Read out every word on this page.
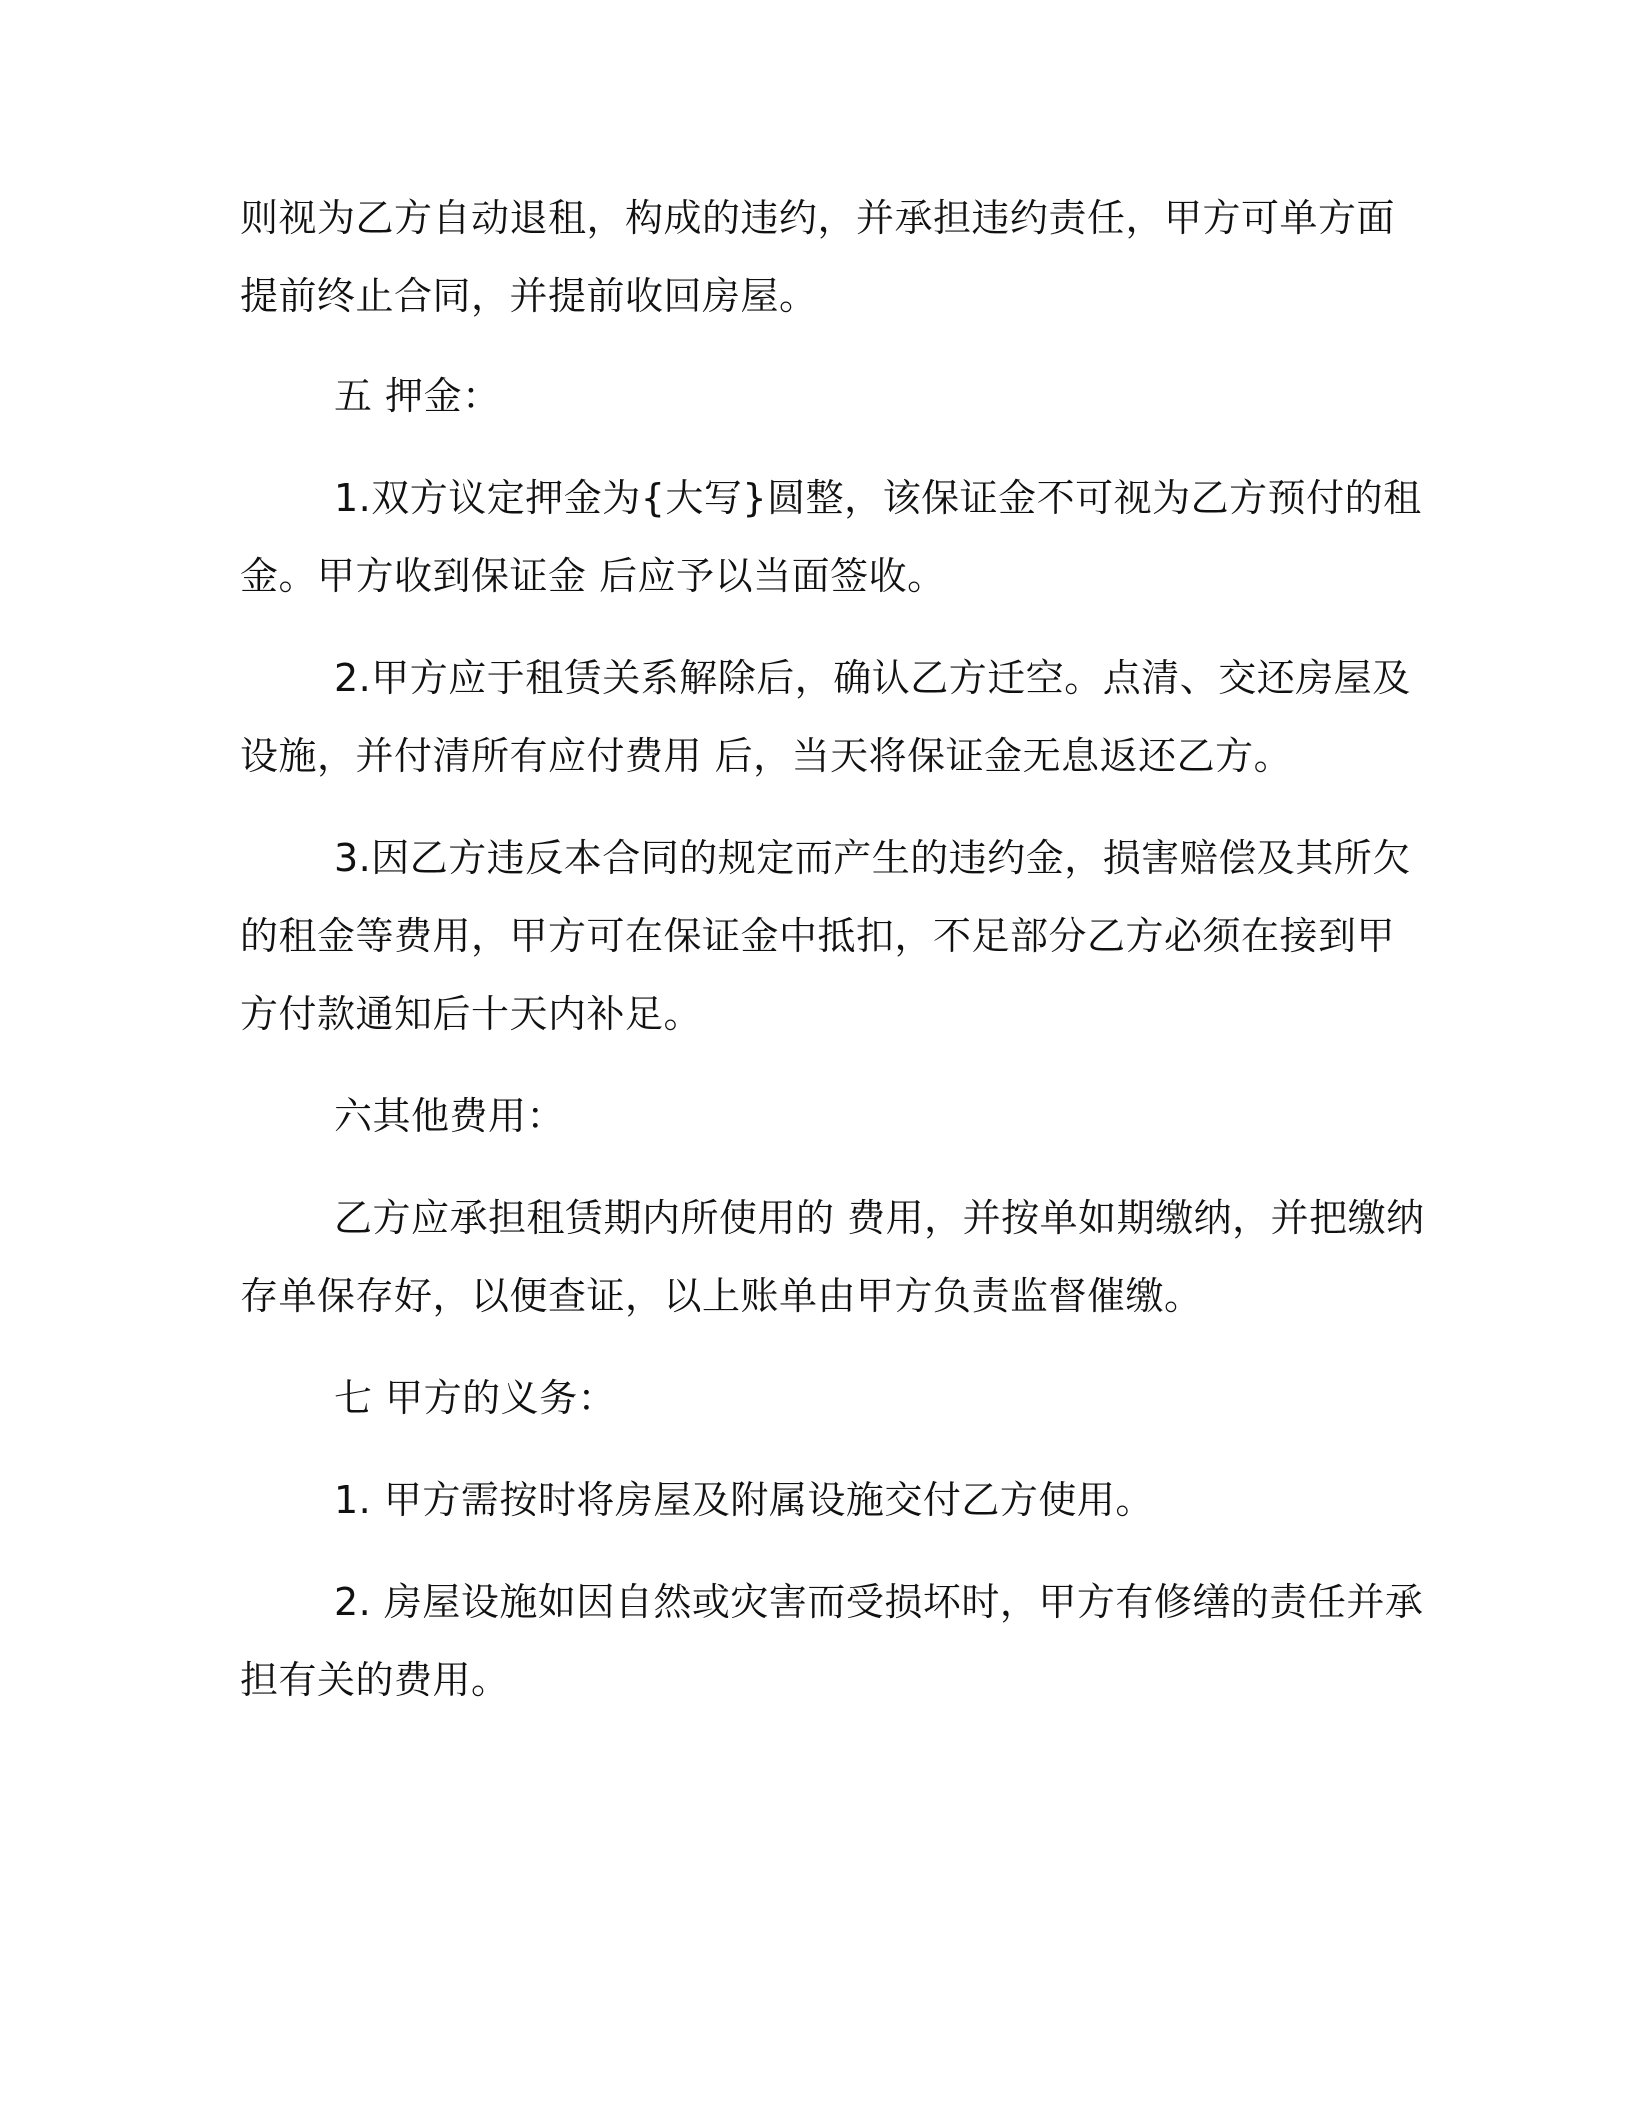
则视为乙方自动退租，构成的违约，并承担违约责任，甲方可单方面
提前终止合同，并提前收回房屋。
五 押金：
1.双方议定押金为{大写}圆整，该保证金不可视为乙方预付的租
金。甲方收到保证金 后应予以当面签收。
2.甲方应于租赁关系解除后，确认乙方迁空。点清、交还房屋及
设施，并付清所有应付费用 后，当天将保证金无息返还乙方。
3.因乙方违反本合同的规定而产生的违约金，损害赔偿及其所欠
的租金等费用，甲方可在保证金中抵扣，不足部分乙方必须在接到甲
方付款通知后十天内补足。
六其他费用：
乙方应承担租赁期内所使用的 费用，并按单如期缴纳，并把缴纳
存单保存好，以便查证，以上账单由甲方负责监督催缴。
七 甲方的义务：
1. 甲方需按时将房屋及附属设施交付乙方使用。
2. 房屋设施如因自然或灾害而受损坏时，甲方有修缮的责任并承
担有关的费用。
